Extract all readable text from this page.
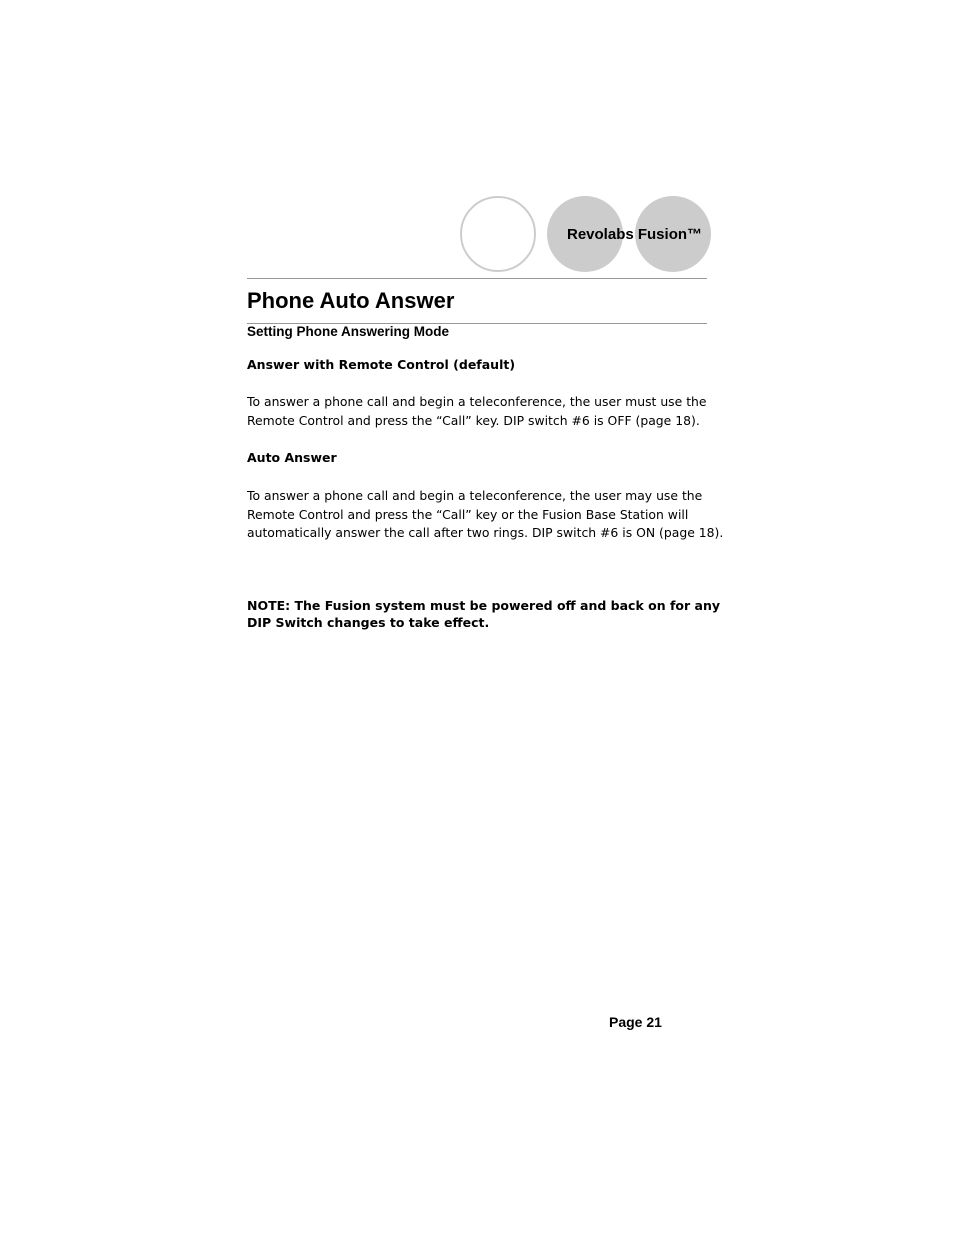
Revolabs Fusion™
Phone Auto Answer
Setting Phone Answering Mode
Answer with Remote Control (default)
To answer a phone call and begin a teleconference, the user must use the
Remote Control and press the “Call” key. DIP switch #6 is OFF (page 18).
Auto Answer
To answer a phone call and begin a teleconference, the user may use the
Remote Control and press the “Call” key or the Fusion Base Station will
automatically answer the call after two rings. DIP switch #6 is ON (page 18).
NOTE: The Fusion system must be powered off and back on for any
DIP Switch changes to take effect.
Page 21
